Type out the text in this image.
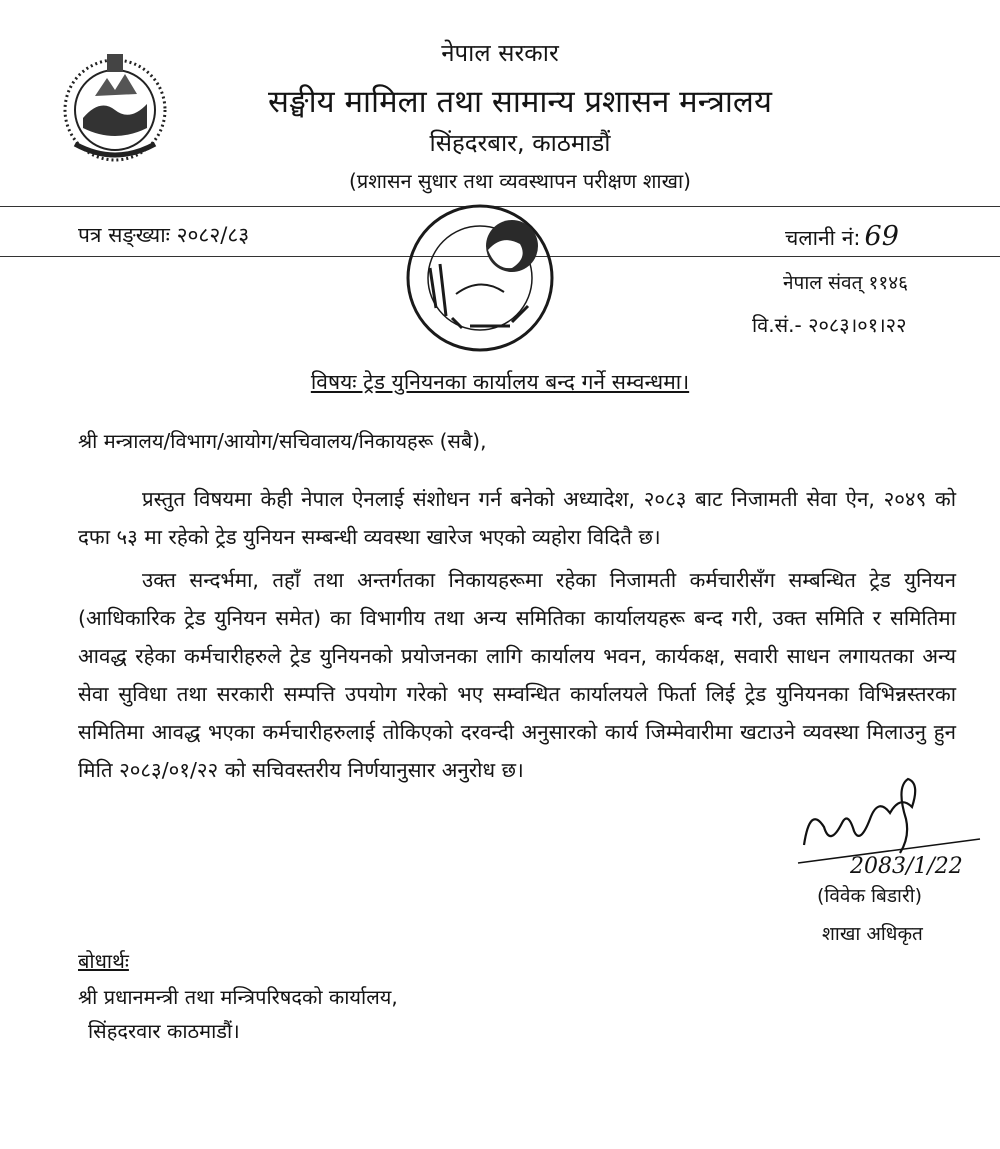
नेपाल सरकार
सङ्घीय मामिला तथा सामान्य प्रशासन मन्त्रालय
सिंहदरबार, काठमाडौं
(प्रशासन सुधार तथा व्यवस्थापन परीक्षण शाखा)
पत्र सङ्ख्याः २०८२/८३	चलानी नं: 69
नेपाल संवत् ११४६
वि.सं.- २०८३।०१।२२
विषयः ट्रेड युनियनका कार्यालय बन्द गर्ने सम्वन्धमा।
श्री मन्त्रालय/विभाग/आयोग/सचिवालय/निकायहरू (सबै),
प्रस्तुत विषयमा केही नेपाल ऐनलाई संशोधन गर्न बनेको अध्यादेश, २०८३ बाट निजामती सेवा ऐन, २०४९ को दफा ५३ मा रहेको ट्रेड युनियन सम्बन्धी व्यवस्था खारेज भएको व्यहोरा विदितै छ।
उक्त सन्दर्भमा, तहाँ तथा अन्तर्गतका निकायहरूमा रहेका निजामती कर्मचारीसँग सम्बन्धित ट्रेड युनियन (आधिकारिक ट्रेड युनियन समेत) का विभागीय तथा अन्य समितिका कार्यालयहरू बन्द गरी, उक्त समिति र समितिमा आवद्ध रहेका कर्मचारीहरुले ट्रेड युनियनको प्रयोजनका लागि कार्यालय भवन, कार्यकक्ष, सवारी साधन लगायतका अन्य सेवा सुविधा तथा सरकारी सम्पत्ति उपयोग गरेको भए सम्वन्धित कार्यालयले फिर्ता लिई ट्रेड युनियनका विभिन्नस्तरका समितिमा आवद्ध भएका कर्मचारीहरुलाई तोकिएको दरवन्दी अनुसारको कार्य जिम्मेवारीमा खटाउने व्यवस्था मिलाउनु हुन मिति २०८३/०१/२२ को सचिवस्तरीय निर्णयानुसार अनुरोध छ।
2083/1/22
(विवेक बिडारी)
शाखा अधिकृत
बोधार्थः
श्री प्रधानमन्त्री तथा मन्त्रिपरिषदको कार्यालय,
सिंहदरवार काठमाडौं।
